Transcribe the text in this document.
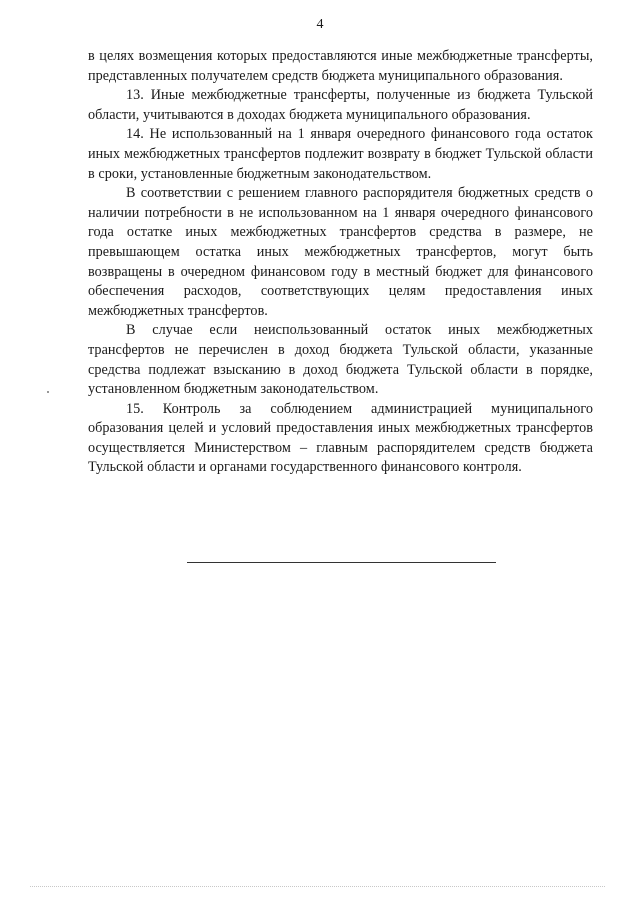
4

в целях возмещения которых предоставляются иные межбюджетные трансферты, представленных получателем средств бюджета муниципального образования.

13. Иные межбюджетные трансферты, полученные из бюджета Тульской области, учитываются в доходах бюджета муниципального образования.

14. Не использованный на 1 января очередного финансового года остаток иных межбюджетных трансфертов подлежит возврату в бюджет Тульской области в сроки, установленные бюджетным законодательством.

В соответствии с решением главного распорядителя бюджетных средств о наличии потребности в не использованном на 1 января очередного финансового года остатке иных межбюджетных трансфертов средства в размере, не превышающем остатка иных межбюджетных трансфертов, могут быть возвращены в очередном финансовом году в местный бюджет для финансового обеспечения расходов, соответствующих целям предоставления иных межбюджетных трансфертов.

В случае если неиспользованный остаток иных межбюджетных трансфертов не перечислен в доход бюджета Тульской области, указанные средства подлежат взысканию в доход бюджета Тульской области в порядке, установленном бюджетным законодательством.

15. Контроль за соблюдением администрацией муниципального образования целей и условий предоставления иных межбюджетных трансфертов осуществляется Министерством – главным распорядителем средств бюджета Тульской области и органами государственного финансового контроля.
